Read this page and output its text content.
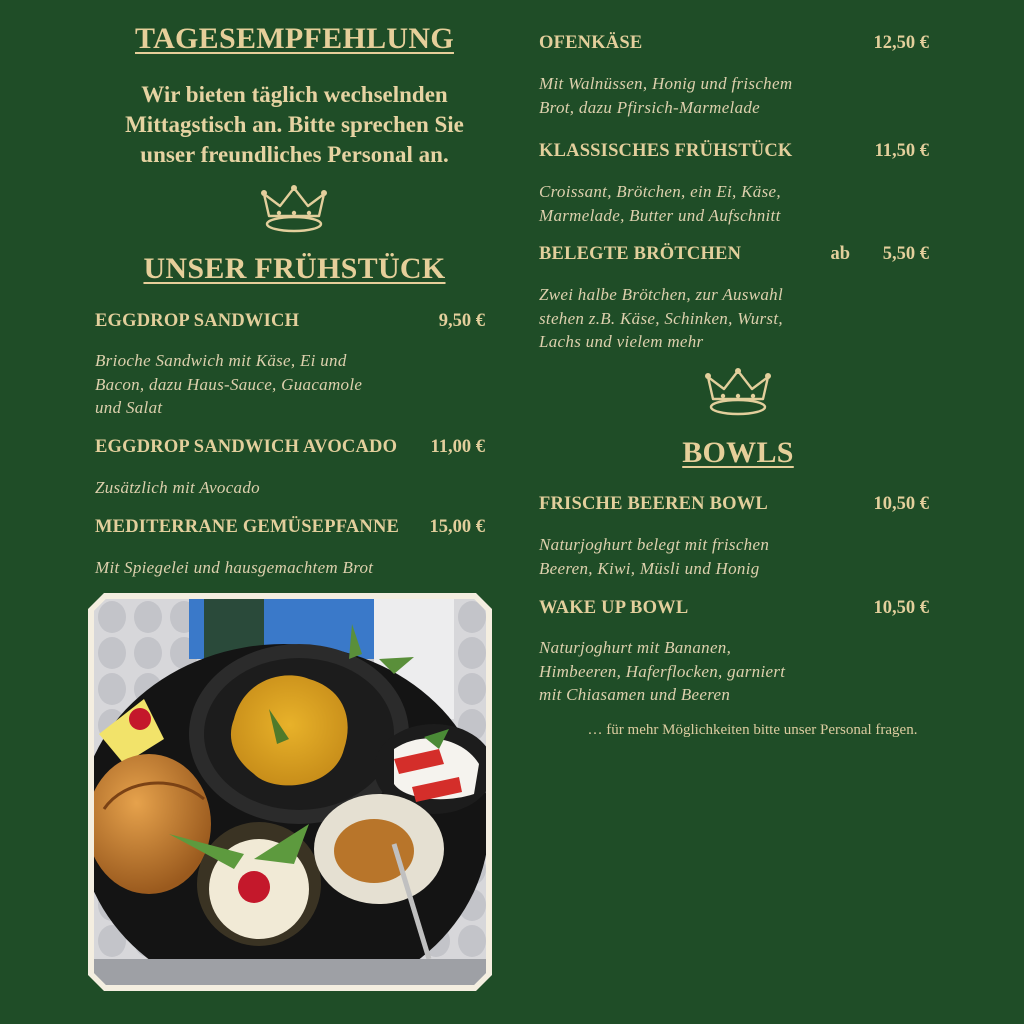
TAGESEMPFEHLUNG
Wir bieten täglich wechselnden
Mittagstisch an. Bitte sprechen Sie
unser freundliches Personal an.
UNSER FRÜHSTÜCK
EGGDROP SANDWICH	9,50 €
Brioche Sandwich mit Käse, Ei und
Bacon, dazu Haus-Sauce, Guacamole
und Salat
EGGDROP SANDWICH AVOCADO 11,00 €
Zusätzlich mit Avocado
MEDITERRANE GEMÜSEPFANNE 15,00 €
Mit Spiegelei und hausgemachtem Brot
OFENKÄSE	12,50 €
Mit Walnüssen, Honig und frischem
Brot, dazu Pfirsich-Marmelade
KLASSISCHES FRÜHSTÜCK	11,50 €
Croissant, Brötchen, ein Ei, Käse,
Marmelade, Butter und Aufschnitt
BELEGTE BRÖTCHEN	ab 5,50 €
Zwei halbe Brötchen, zur Auswahl
stehen z.B. Käse, Schinken, Wurst,
Lachs und vielem mehr
BOWLS
FRISCHE BEEREN BOWL	10,50 €
Naturjoghurt belegt mit frischen
Beeren, Kiwi, Müsli und Honig
WAKE UP BOWL	10,50 €
Naturjoghurt mit Bananen,
Himbeeren, Haferflocken, garniert
mit Chiasamen und Beeren
… für mehr Möglichkeiten bitte unser Personal fragen.
